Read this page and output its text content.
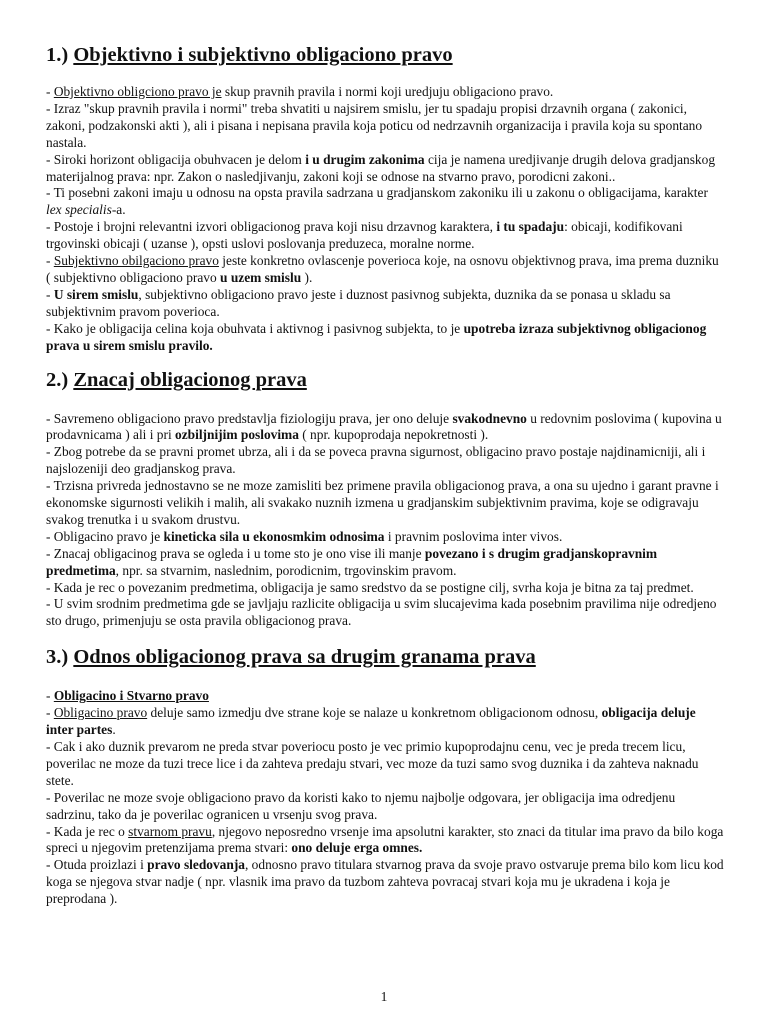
1.) Objektivno i subjektivno obligaciono pravo

- Objektivno obligciono pravo je skup pravnih pravila i normi koji uredjuju obligaciono pravo.

- Izraz "skup pravnih pravila i normi" treba shvatiti u najsirem smislu, jer tu spadaju propisi drzavnih organa ( zakonici, zakoni, podzakonski akti ), ali i pisana i nepisana pravila koja poticu od nedrzavnih organizacija i pravila koja su spontano nastala.

- Siroki horizont obligacija obuhvacen je delom i u drugim zakonima cija je namena uredjivanje drugih delova gradjanskog materijalnog prava: npr. Zakon o nasledjivanju, zakoni koji se odnose na stvarno pravo, porodicni zakoni..

- Ti posebni zakoni imaju u odnosu na opsta pravila sadrzana u gradjanskom zakoniku ili u zakonu o obligacijama, karakter lex specialis-a.

- Postoje i brojni relevantni izvori obligacionog prava koji nisu drzavnog karaktera, i tu spadaju: obicaji, kodifikovani trgovinski obicaji ( uzanse ), opsti uslovi poslovanja preduzeca, moralne norme.

- Subjektivno obilgaciono pravo jeste konkretno ovlascenje poverioca koje, na osnovu objektivnog prava, ima prema duzniku ( subjektivno obligaciono pravo u uzem smislu ).

- U sirem smislu, subjektivno obligaciono pravo jeste i duznost pasivnog subjekta, duznika da se ponasa u skladu sa subjektivnim pravom poverioca.

- Kako je obligacija celina koja obuhvata i aktivnog i pasivnog subjekta, to je upotreba izraza subjektivnog obligacionog prava u sirem smislu pravilo.

2.) Znacaj obligacionog prava

- Savremeno obligaciono pravo predstavlja fiziologiju prava, jer ono deluje svakodnevno u redovnim poslovima ( kupovina u prodavnicama ) ali i pri ozbiljnijim poslovima ( npr. kupoprodaja nepokretnosti ).

- Zbog potrebe da se pravni promet ubrza, ali i da se poveca pravna sigurnost, obligacino pravo postaje najdinamicniji, ali i najslozeniji deo gradjanskog prava.

- Trzisna privreda jednostavno se ne moze zamisliti bez primene pravila obligacionog prava, a ona su ujedno i garant pravne i ekonomske sigurnosti velikih i malih, ali svakako nuznih izmena u gradjanskim subjektivnim pravima, koje se odigravaju svakog trenutka i u svakom drustvu.

- Obligacino pravo je kineticka sila u ekonosmkim odnosima i pravnim poslovima inter vivos.

- Znacaj obligacinog prava se ogleda i u tome sto je ono vise ili manje povezano i s drugim gradjanskopravnim predmetima, npr. sa stvarnim, naslednim, porodicnim, trgovinskim pravom.

- Kada je rec o povezanim predmetima, obligacija je samo sredstvo da se postigne cilj, svrha koja je bitna za taj predmet.

- U svim srodnim predmetima gde se javljaju razlicite obligacija u svim slucajevima kada posebnim pravilima nije odredjeno sto drugo, primenjuju se osta pravila obligacionog prava.

3.) Odnos obligacionog prava sa drugim granama prava

- Obligacino i Stvarno pravo

- Obligacino pravo deluje samo izmedju dve strane koje se nalaze u konkretnom obligacionom odnosu, obligacija deluje inter partes.

- Cak i ako duznik prevarom ne preda stvar poveriocu posto je vec primio kupoprodajnu cenu, vec je preda trecem licu, poverilac ne moze da tuzi trece lice i da zahteva predaju stvari, vec moze da tuzi samo svog duznika i da zahteva naknadu stete.

- Poverilac ne moze svoje obligaciono pravo da koristi kako to njemu najbolje odgovara, jer obligacija ima odredjenu sadrzinu, tako da je poverilac ogranicen u vrsenju svog prava.

- Kada je rec o stvarnom pravu, njegovo neposredno vrsenje ima apsolutni karakter, sto znaci da titular ima pravo da bilo koga spreci u njegovim pretenzijama prema stvari: ono deluje erga omnes.

- Otuda proizlazi i pravo sledovanja, odnosno pravo titulara stvarnog prava da svoje pravo ostvaruje prema bilo kom licu kod koga se njegova stvar nadje ( npr. vlasnik ima pravo da tuzbom zahteva povracaj stvari koja mu je ukradena i koja je preprodana ).

1
